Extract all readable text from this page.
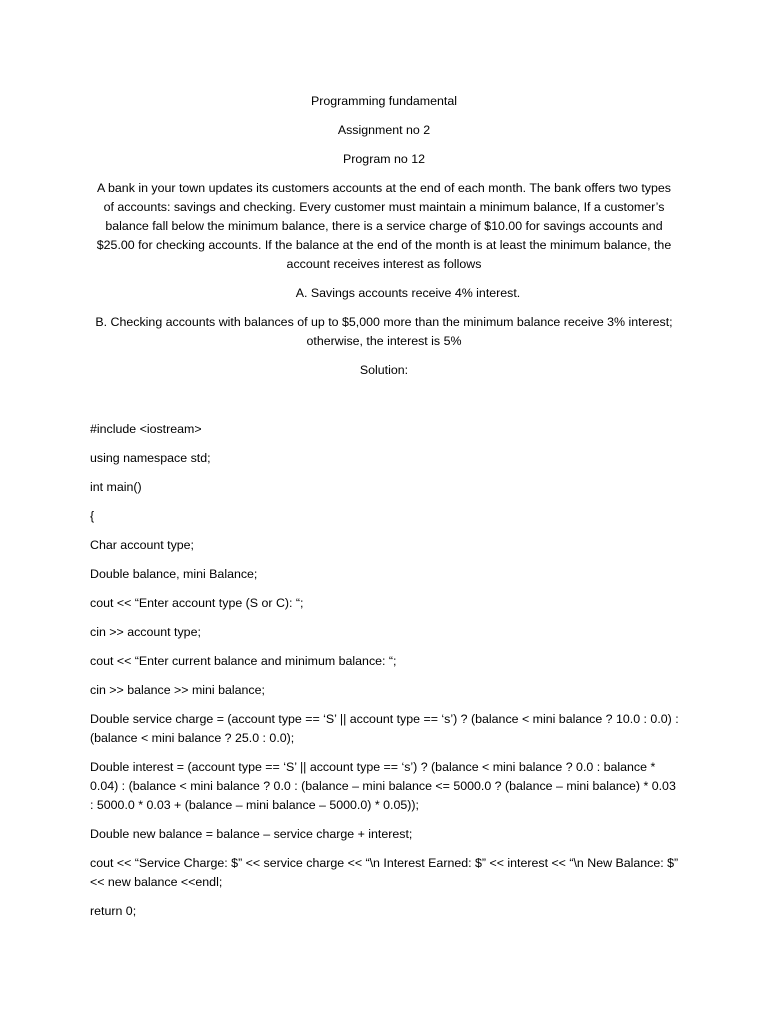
Programming fundamental

Assignment no 2

Program no 12

A bank in your town updates its customers accounts at the end of each month. The bank offers two types of accounts: savings and checking. Every customer must maintain a minimum balance, If a customer’s balance fall below the minimum balance, there is a service charge of $10.00 for savings accounts and $25.00 for checking accounts. If the balance at the end of the month is at least the minimum balance, the account receives interest as follows

A. Savings accounts receive 4% interest.

B. Checking accounts with balances of up to $5,000 more than the minimum balance receive 3% interest; otherwise, the interest is 5%

Solution:

#include <iostream>

using namespace std;

int main()

{

Char account type;

Double balance, mini Balance;

cout << “Enter account type (S or C): “;

cin >> account type;

cout << “Enter current balance and minimum balance: “;

cin >> balance >> mini balance;

Double service charge = (account type == ‘S’ || account type == ‘s’) ? (balance < mini balance ? 10.0 : 0.0) : (balance < mini balance ? 25.0 : 0.0);

Double interest = (account type == ‘S’ || account type == ‘s’) ? (balance < mini balance ? 0.0 : balance * 0.04) : (balance < mini balance ? 0.0 : (balance – mini balance <= 5000.0 ? (balance – mini balance) * 0.03 : 5000.0 * 0.03 + (balance – mini balance – 5000.0) * 0.05));

Double new balance = balance – service charge + interest;

cout << “Service Charge: $” << service charge << “\n Interest Earned: $” << interest << “\n New Balance: $” << new balance <<endl;

return 0;
